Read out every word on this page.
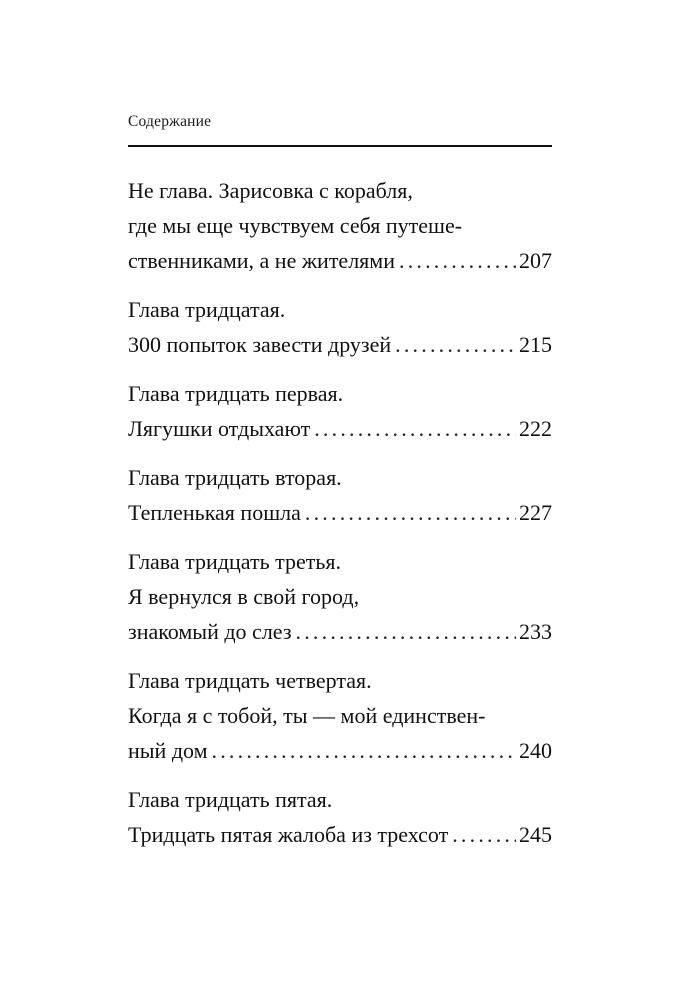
Содержание
Не глава. Зарисовка с корабля,
где мы еще чувствуем себя путеше-
ственниками, а не жителями .....	207
Глава тридцатая.
300 попыток завести друзей .....	215
Глава тридцать первая.
Лягушки отдыхают .....	222
Глава тридцать вторая.
Тепленькая пошла .....	227
Глава тридцать третья.
Я вернулся в свой город,
знакомый до слез .....	233
Глава тридцать четвертая.
Когда я с тобой, ты — мой единствен-
ный дом .....	240
Глава тридцать пятая.
Тридцать пятая жалоба из трехсот .....	245
